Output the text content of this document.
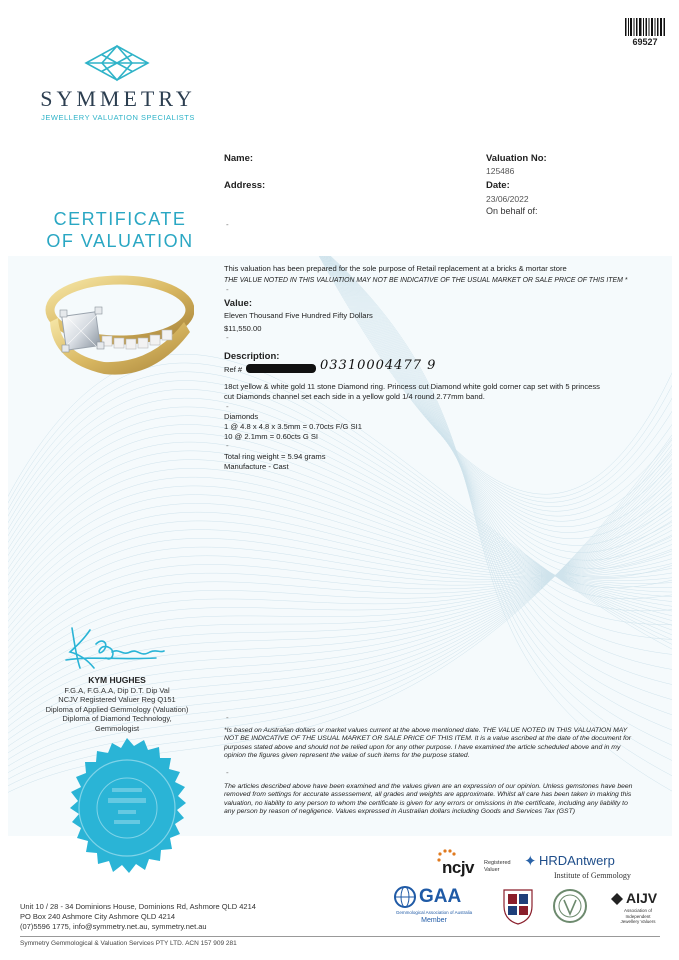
69527
SYMMETRY
JEWELLERY VALUATION SPECIALISTS
CERTIFICATE
OF VALUATION
Name:
Address:
-
Valuation No:
125486
Date:
23/06/2022
On behalf of:
This valuation has been prepared for the sole purpose of Retail replacement at a bricks & mortar store
THE VALUE NOTED IN THIS VALUATION MAY NOT BE INDICATIVE OF THE USUAL MARKET OR SALE PRICE OF THIS ITEM *
-
Value:
Eleven Thousand Five Hundred Fifty Dollars
$11,550.00
-
Description:
Ref #	03310004477 9
18ct yellow & white gold 11 stone Diamond ring. Princess cut Diamond white gold corner cap set with 5 princess cut Diamonds channel set each side in a yellow gold 1/4 round 2.77mm band.
-
Diamonds
1 @ 4.8 x 4.8 x 3.5mm = 0.70cts F/G SI1
10 @ 2.1mm = 0.60cts G SI
-
Total ring weight = 5.94 grams
Manufacture - Cast
KYM HUGHES
F.G.A, F.G.A.A, Dip D.T. Dip Val
NCJV Registered Valuer Reg Q151
Diploma of Applied Gemmology (Valuation)
Diploma of Diamond Technology,
Gemmologist
-
*Is based on Australian dollars or market values current at the above mentioned date. THE VALUE NOTED IN THIS VALUATION MAY NOT BE INDICATIVE OF THE USUAL MARKET OR SALE PRICE OF THIS ITEM. It is a value ascribed at the date of the document for purposes stated above and should not be relied upon for any other purpose. I have examined the article scheduled above and in my opinion the figures given represent the value of such items for the purpose stated.
-
The articles described above have been examined and the values given are an expression of our opinion. Unless gemstones have been removed from settings for accurate assessement, all grades and weights are approximate. Whilst all care has been taken in making this valuation, no liability to any person to whom the certificate is given for any errors or omissions in the certificate, including any liability to any person by reason of negligence. Values expressed in Australian dollars including Goods and Services Tax (GST)
Unit 10 / 28 - 34 Dominions House, Dominions Rd, Ashmore QLD 4214
PO Box 240 Ashmore City Ashmore QLD 4214
(07)5596 1775, info@symmetry.net.au, symmetry.net.au
Symmetry Gemmological & Valuation Services PTY LTD. ACN 157 909 281
ncjv Registered
Valuer	✦ HRDAntwerp
Institute of Gemmology
GAA
Gemmological Association of Australia
Member
AIJV
Association of
Independent
Jewellery Valuers
